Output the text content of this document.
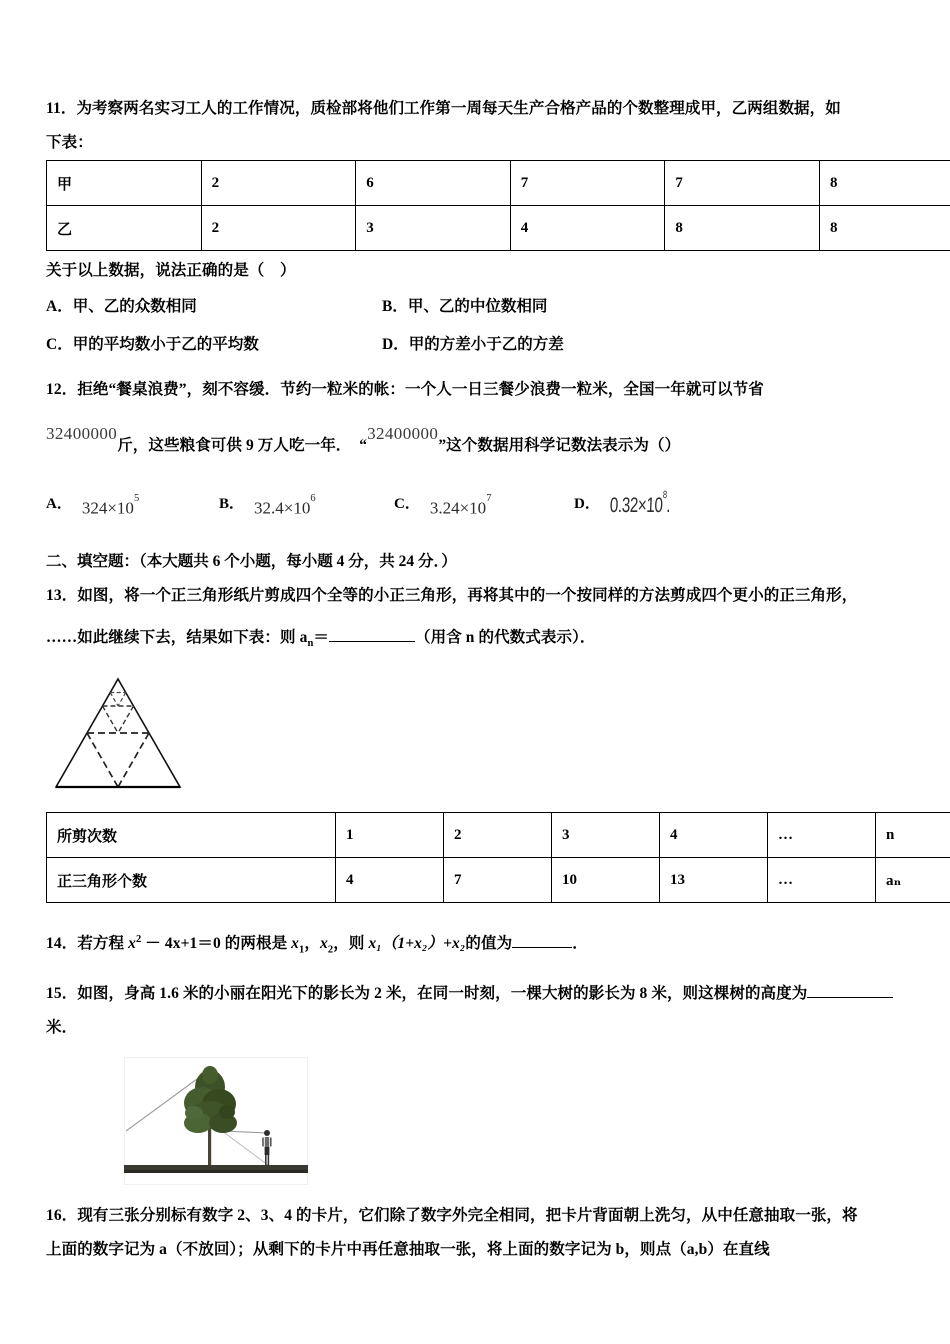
11．为考察两名实习工人的工作情况，质检部将他们工作第一周每天生产合格产品的个数整理成甲，乙两组数据，如
下表：
甲	2	6	7	7	8
乙	2	3	4	8	8
关于以上数据，说法正确的是（　）
A．甲、乙的众数相同	B．甲、乙的中位数相同
C．甲的平均数小于乙的平均数	D．甲的方差小于乙的方差
12．拒绝“餐桌浪费”，刻不容缓．节约一粒米的帐：一个人一日三餐少浪费一粒米，全国一年就可以节省
32400000斤，这些粮食可供 9 万人吃一年．　“32400000”这个数据用科学记数法表示为（）
A． $324\times 10^5$	B． $32.4\times 10^6$	C． $3.24\times 10^7$	D． $0.32\times 10^8$.
二、填空题：（本大题共 6 个小题，每小题 4 分，共 24 分．）
13．如图，将一个正三角形纸片剪成四个全等的小正三角形，再将其中的一个按同样的方法剪成四个更小的正三角形，
……如此继续下去，结果如下表：则 $a_n=$	（用含 n 的代数式表示）．
所剪次数	1	2	3	4	…	n
正三角形个数	4	7	10	13	…	aₙ
14．若方程 $x^2 - 4x+1=0$ 的两根是 $x_1$，$x_2$，则 x₁（1+x₂）+x₂的值为	．
15．如图，身高 1.6 米的小丽在阳光下的影长为 2 米，在同一时刻，一棵大树的影长为 8 米，则这棵树的高度为
米．
16．现有三张分别标有数字 2、3、4 的卡片，它们除了数字外完全相同，把卡片背面朝上洗匀，从中任意抽取一张，将
上面的数字记为 a（不放回）；从剩下的卡片中再任意抽取一张，将上面的数字记为 b，则点（a,b）在直线
